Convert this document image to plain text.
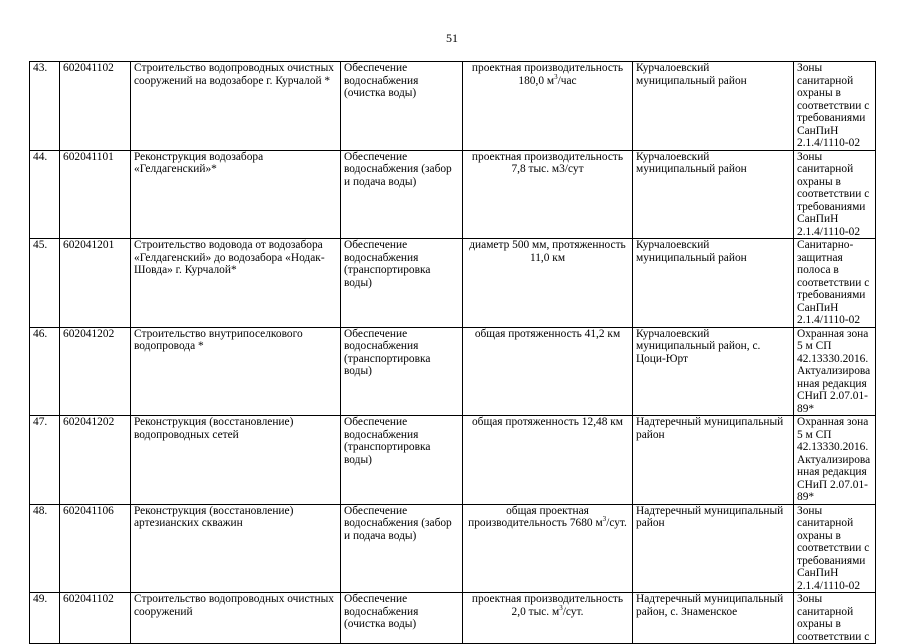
51
43.	602041102	Строительство водопроводных очистных сооружений на водозаборе г. Курчалой *	Обеспечение водоснабжения (очистка воды)	проектная производительность 180,0 $м^3$/час	Курчалоевский муниципальный район	Зоны санитарной охраны в соответствии с требованиями СанПиН 2.1.4/1110-02
44.	602041101	Реконструкция водозабора «Гелдагенский»*	Обеспечение водоснабжения (забор и подача воды)	проектная производительность 7,8 тыс. м3/сут	Курчалоевский муниципальный район	Зоны санитарной охраны в соответствии с требованиями СанПиН 2.1.4/1110-02
45.	602041201	Строительство водовода от водозабора «Гелдагенский» до водозабора «Нодак-Шовда» г. Курчалой*	Обеспечение водоснабжения (транспортировка воды)	диаметр 500 мм, протяженность 11,0 км	Курчалоевский муниципальный район	Санитарно-защитная полоса в соответствии с требованиями СанПиН 2.1.4/1110-02
46.	602041202	Строительство внутрипоселкового водопровода *	Обеспечение водоснабжения (транспортировка воды)	общая протяженность 41,2 км	Курчалоевский муниципальный район, с. Цоци-Юрт	Охранная зона 5 м СП 42.13330.2016. Актуализированная редакция СНиП 2.07.01-89*
47.	602041202	Реконструкция (восстановление) водопроводных сетей	Обеспечение водоснабжения (транспортировка воды)	общая протяженность 12,48 км	Надтеречный муниципальный район	Охранная зона 5 м СП 42.13330.2016. Актуализированная редакция СНиП 2.07.01-89*
48.	602041106	Реконструкция (восстановление) артезианских скважин	Обеспечение водоснабжения (забор и подача воды)	общая проектная производительность 7680 $м^3$/сут.	Надтеречный муниципальный район	Зоны санитарной охраны в соответствии с требованиями СанПиН 2.1.4/1110-02
49.	602041102	Строительство водопроводных очистных сооружений	Обеспечение водоснабжения (очистка воды)	проектная производительность 2,0 тыс. $м^3$/сут.	Надтеречный муниципальный район, с. Знаменское	Зоны санитарной охраны в соответствии с
